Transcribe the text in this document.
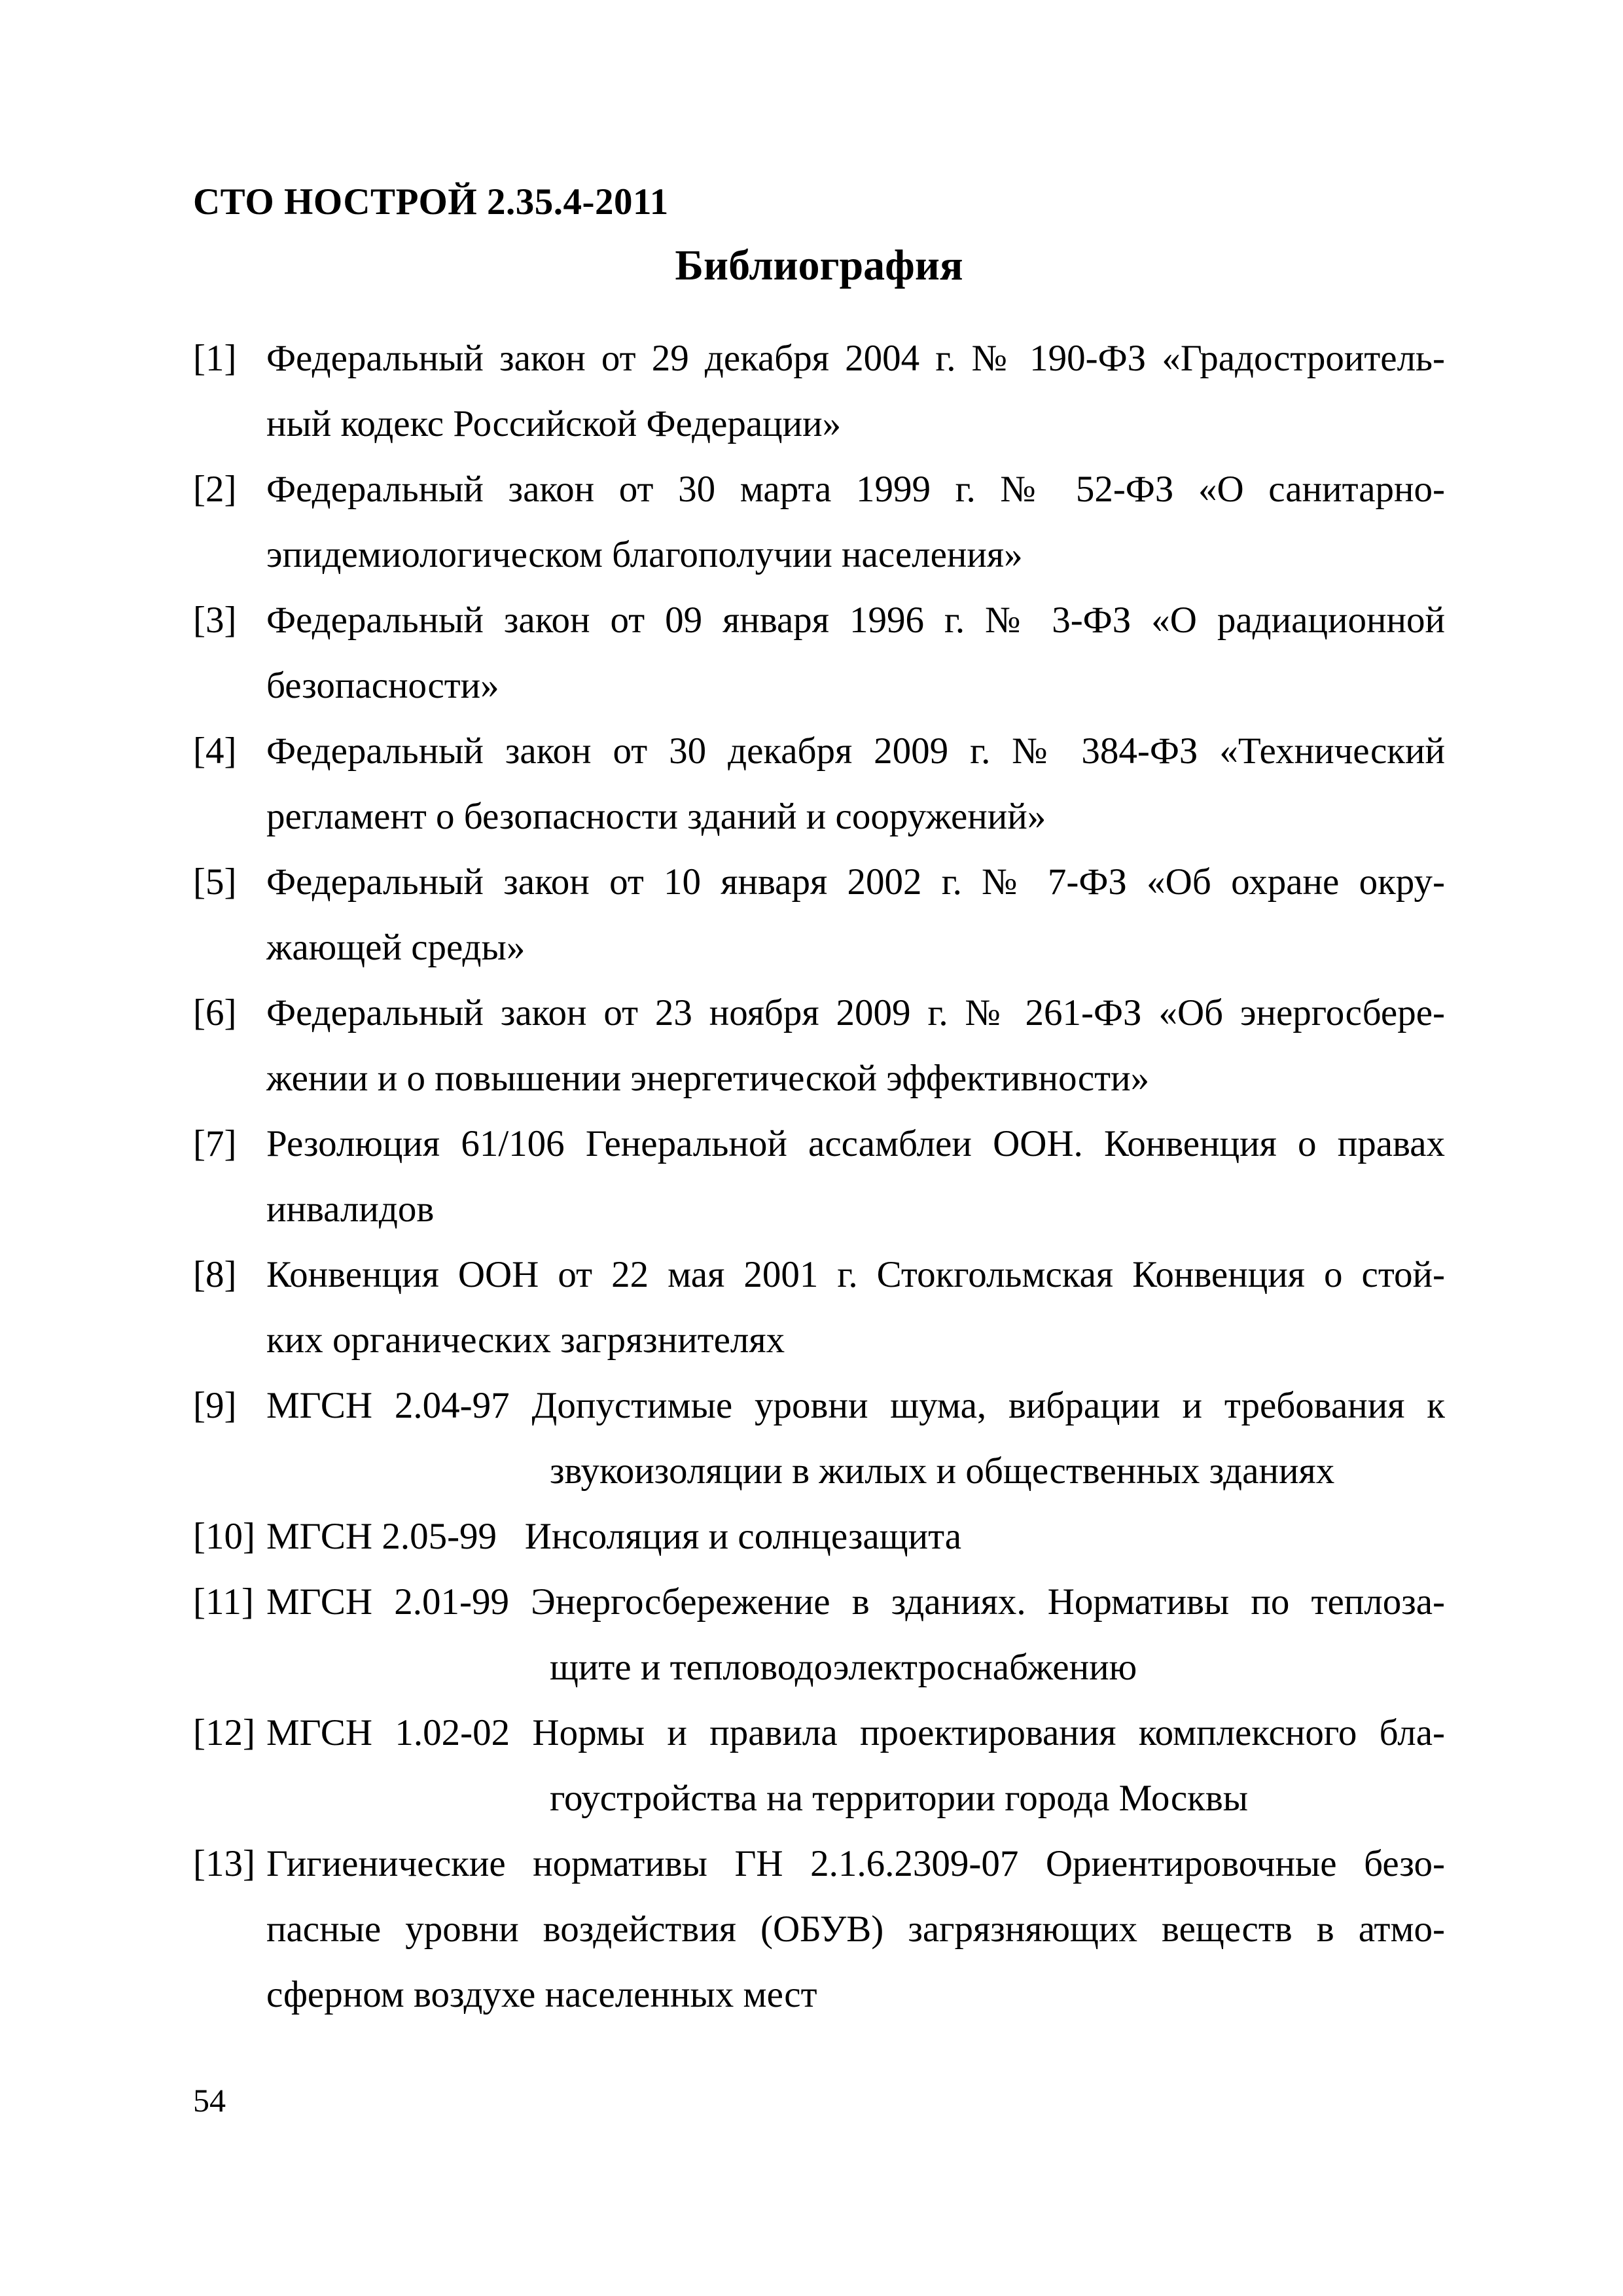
СТО НОСТРОЙ 2.35.4-2011
Библиография
[1] Федеральный закон от 29 декабря 2004 г. № 190-ФЗ «Градостроитель-
ный кодекс Российской Федерации»
[2] Федеральный закон от 30 марта 1999 г. № 52-ФЗ «О санитарно-
эпидемиологическом благополучии населения»
[3] Федеральный закон от 09 января 1996 г. № 3-ФЗ «О радиационной
безопасности»
[4] Федеральный закон от 30 декабря 2009 г. № 384-ФЗ «Технический
регламент о безопасности зданий и сооружений»
[5] Федеральный закон от 10 января 2002 г. № 7-ФЗ «Об охране окру-
жающей среды»
[6] Федеральный закон от 23 ноября 2009 г. № 261-ФЗ «Об энергосбере-
жении и о повышении энергетической эффективности»
[7] Резолюция 61/106 Генеральной ассамблеи ООН. Конвенция о правах
инвалидов
[8] Конвенция ООН от 22 мая 2001 г. Стокгольмская Конвенция о стой-
ких органических загрязнителях
[9] МГСН 2.04-97 Допустимые уровни шума, вибрации и требования к
звукоизоляции в жилых и общественных зданиях
[10] МГСН 2.05-99   Инсоляция и солнцезащита
[11] МГСН 2.01-99 Энергосбережение в зданиях. Нормативы по теплоза-
щите и тепловодоэлектроснабжению
[12] МГСН 1.02-02 Нормы и правила проектирования комплексного бла-
гоустройства на территории города Москвы
[13] Гигиенические нормативы ГН 2.1.6.2309-07 Ориентировочные безо-
пасные уровни воздействия (ОБУВ) загрязняющих веществ в атмо-
сферном воздухе населенных мест
54
